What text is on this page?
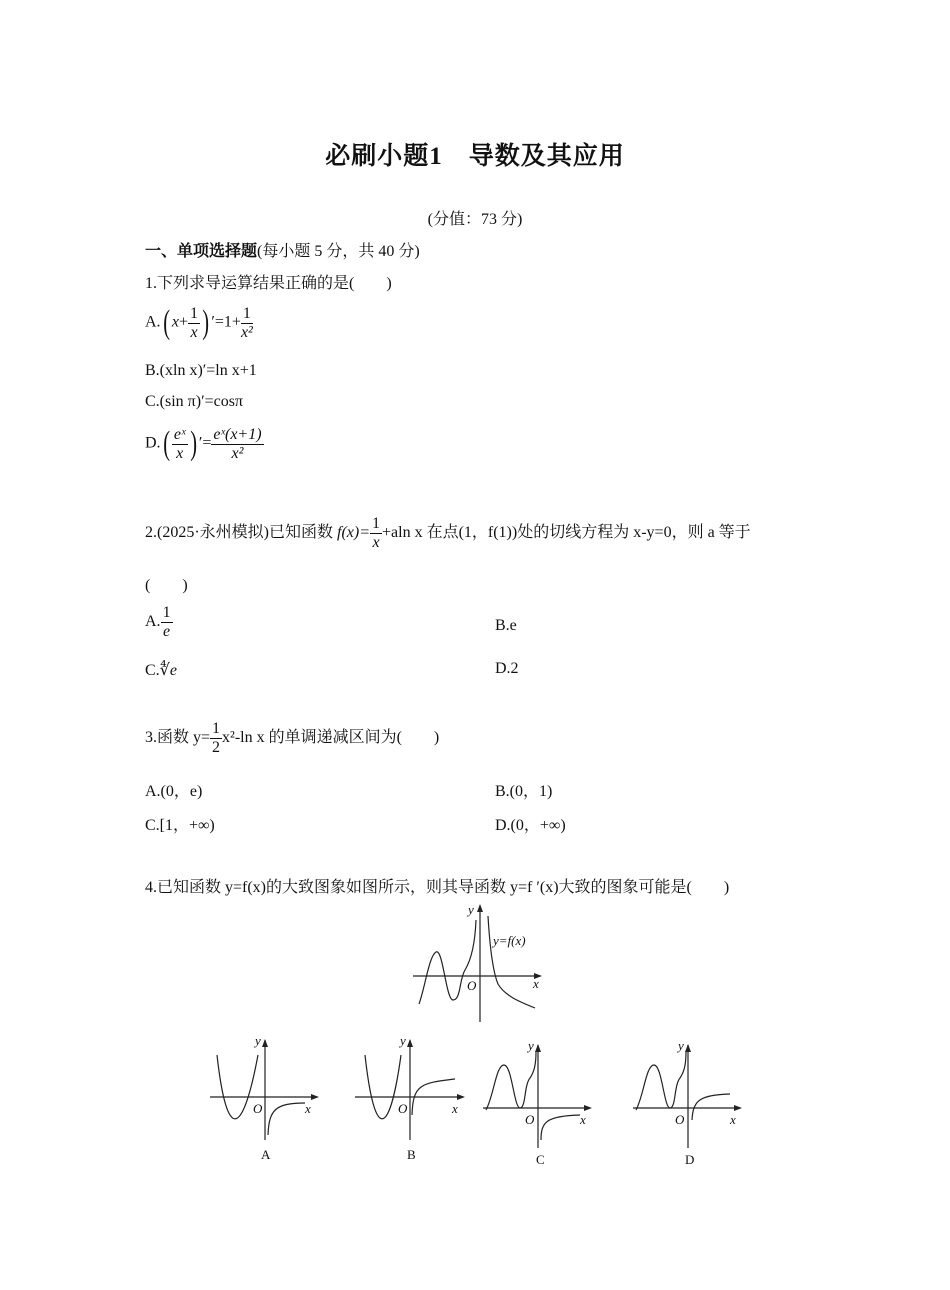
必刷小题1　导数及其应用
(分值：73 分)
一、单项选择题(每小题 5 分，共 40 分)
1.下列求导运算结果正确的是(　　)
A.( $x+ \frac{1}{x}$) $'=1+ \frac{1}{\text{x²}}$
B.(xln x)′=ln x+1
C.(sin π)′=cosπ
$D.( \frac{\text{eˣ}}{x}$ ) ′= $\frac{\text{eˣ(x+1)}}{\text{x²}}$
2.(2025·永州模拟)已知函数 $f(x)= \frac{1}{x}+aln$ x 在点(1，f(1))处的切线方程为 x-y=0，则 a 等于
(　　)
A. $\frac{1}{e}$	B.e
C.∜e	D.2
3.函数 $y= \frac{1}{2} x^2-\ln$ x 的单调递减区间为(　　)
A.(0，e)	B.(0，1)
C.[1，+∞)	D.(0，+∞)
4.已知函数 y=f(x)的大致图象如图所示，则其导函数 y=f ′(x)大致的图象可能是(　　)
y
x
O
y=f(x)
y
x
O
A
y
x
O
B
y
x
O
C
y
x
O
D
